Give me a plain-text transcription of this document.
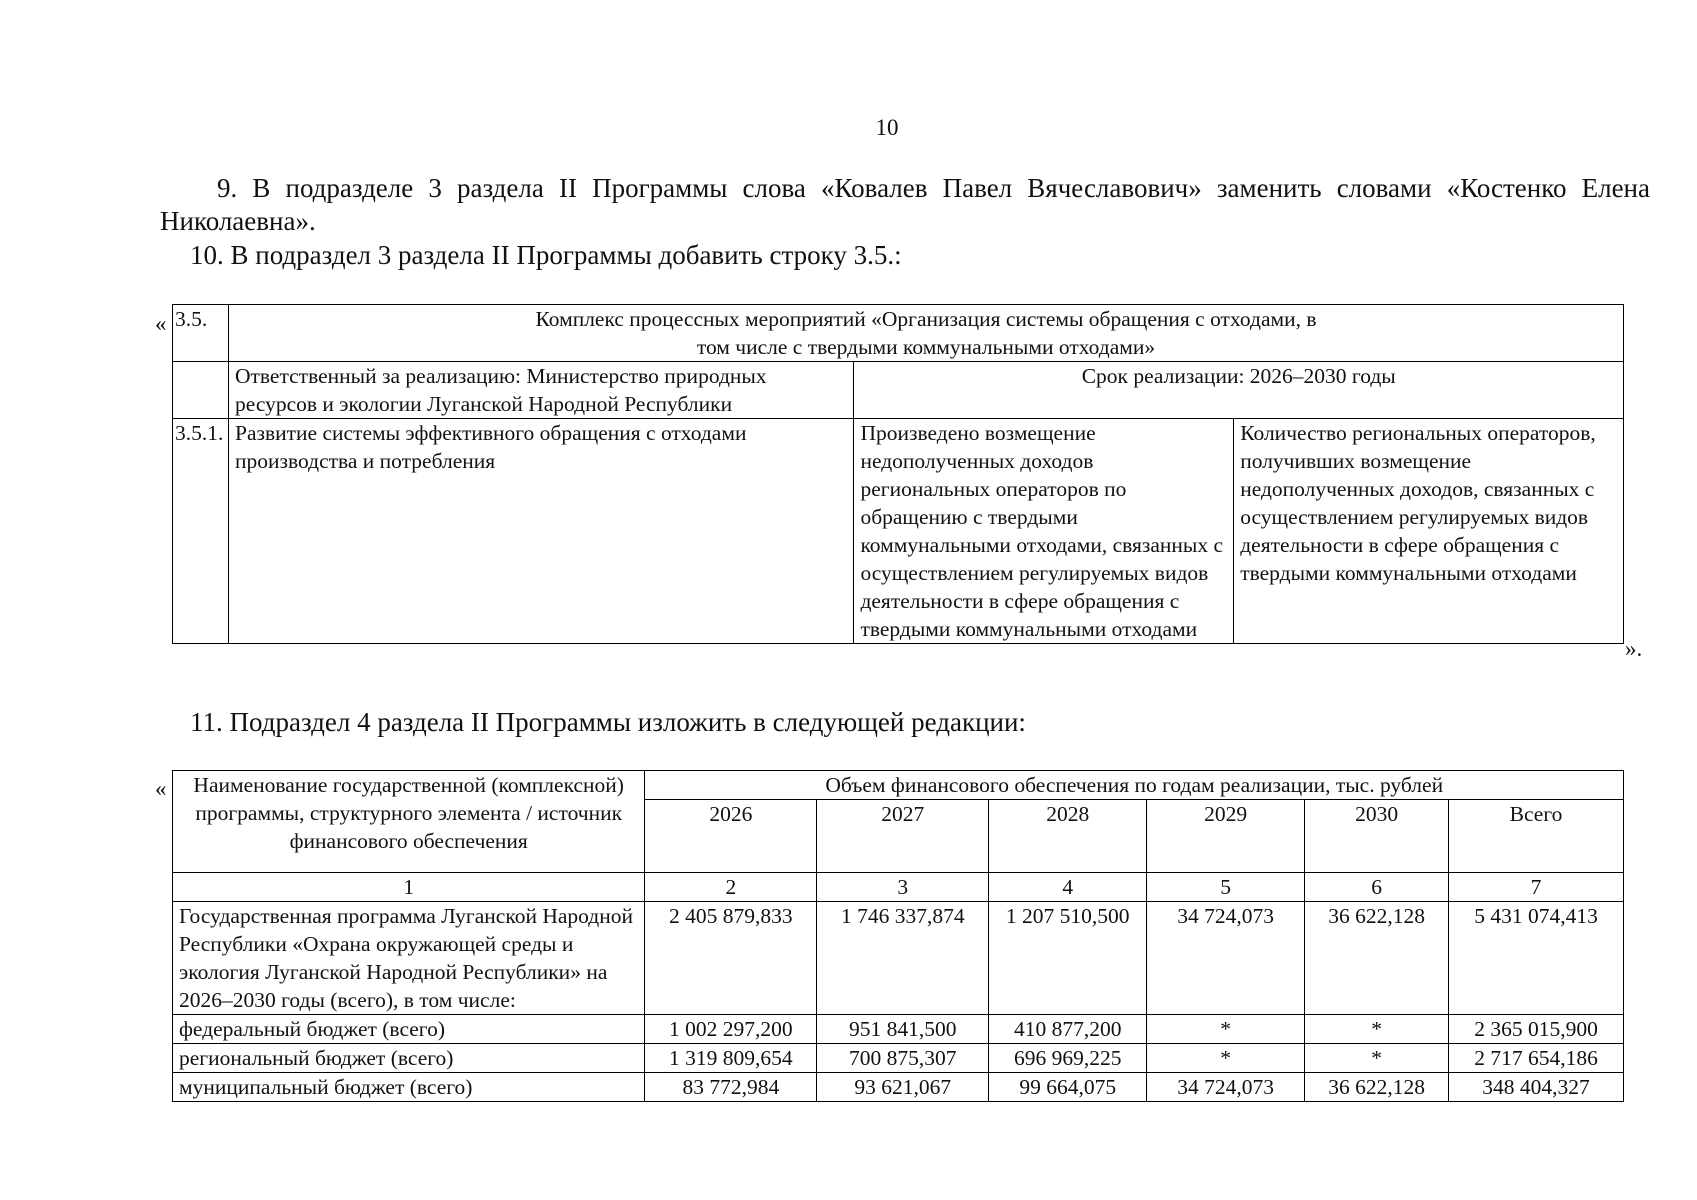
10
9. В подразделе 3 раздела II Программы слова «Ковалев Павел Вячеславович» заменить словами «Костенко Елена Николаевна».
10. В подраздел 3 раздела II Программы добавить строку 3.5.:
« 3.5.	Комплекс процессных мероприятий «Организация системы обращения с отходами, в том числе с твердыми коммунальными отходами»		
	Ответственный за реализацию: Министерство природных ресурсов и экологии Луганской Народной Республики	Срок реализации: 2026–2030 годы	
3.5.1.	Развитие системы эффективного обращения с отходами производства и потребления	Произведено возмещение недополученных доходов региональных операторов по обращению с твердыми коммунальными отходами, связанных с осуществлением регулируемых видов деятельности в сфере обращения с твердыми коммунальными отходами	Количество региональных операторов, получивших возмещение недополученных доходов, связанных с осуществлением регулируемых видов деятельности в сфере обращения с твердыми коммунальными отходами
».
11. Подраздел 4 раздела II Программы изложить в следующей редакции:
« Наименование государственной (комплексной) программы, структурного элемента / источник финансового обеспечения	Объем финансового обеспечения по годам реализации, тыс. рублей					
	2026	2027	2028	2029	2030	Всего
1	2	3	4	5	6	7
Государственная программа Луганской Народной Республики «Охрана окружающей среды и экология Луганской Народной Республики» на 2026–2030 годы (всего), в том числе:	2 405 879,833	1 746 337,874	1 207 510,500	34 724,073	36 622,128	5 431 074,413
федеральный бюджет (всего)	1 002 297,200	951 841,500	410 877,200	*	*	2 365 015,900
региональный бюджет (всего)	1 319 809,654	700 875,307	696 969,225	*	*	2 717 654,186
муниципальный бюджет (всего)	83 772,984	93 621,067	99 664,075	34 724,073	36 622,128	348 404,327
